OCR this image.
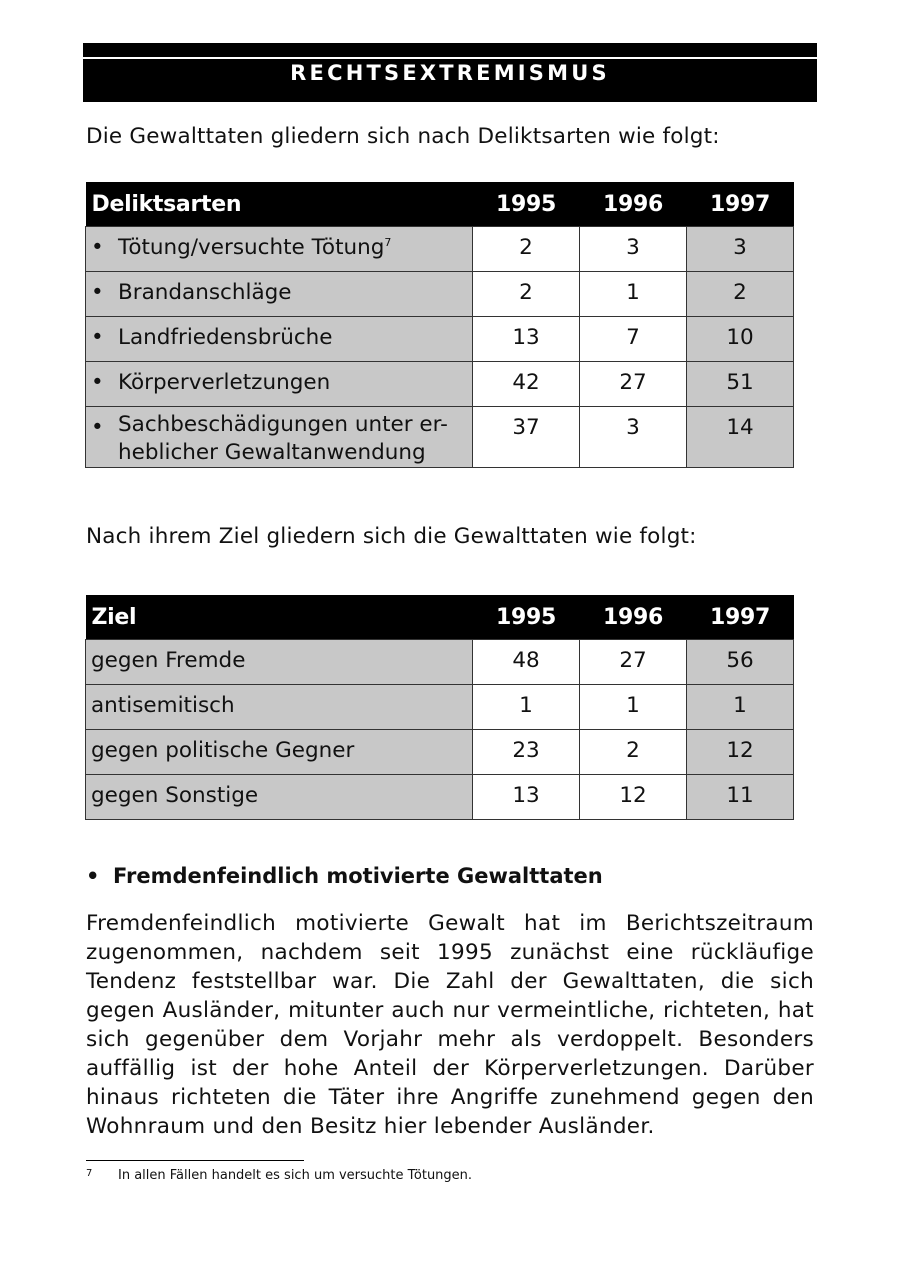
RECHTSEXTREMISMUS
Die Gewalttaten gliedern sich nach Deliktsarten wie folgt:
Deliktsarten	1995	1996	1997
• Tötung/versuchte Tötung$^7$	2	3	3
• Brandanschläge	2	1	2
• Landfriedensbrüche	13	7	10
• Körperverletzungen	42	27	51
• Sachbeschädigungen unter er-
heblicher Gewaltanwendung	37	3	14
Nach ihrem Ziel gliedern sich die Gewalttaten wie folgt:
Ziel	1995	1996	1997
gegen Fremde	48	27	56
antisemitisch	1	1	1
gegen politische Gegner	23	2	12
gegen Sonstige	13	12	11
• Fremdenfeindlich motivierte Gewalttaten
Fremdenfeindlich motivierte Gewalt hat im Berichtszeitraum zugenommen, nachdem seit 1995 zunächst eine rückläufige Tendenz feststellbar war. Die Zahl der Gewalttaten, die sich gegen Ausländer, mitunter auch nur vermeintliche, richteten, hat sich gegenüber dem Vorjahr mehr als verdoppelt. Besonders auffällig ist der hohe Anteil der Körperverletzungen. Darüber hinaus richteten die Täter ihre Angriffe zunehmend gegen den Wohnraum und den Besitz hier lebender Ausländer.
7 In allen Fällen handelt es sich um versuchte Tötungen.
